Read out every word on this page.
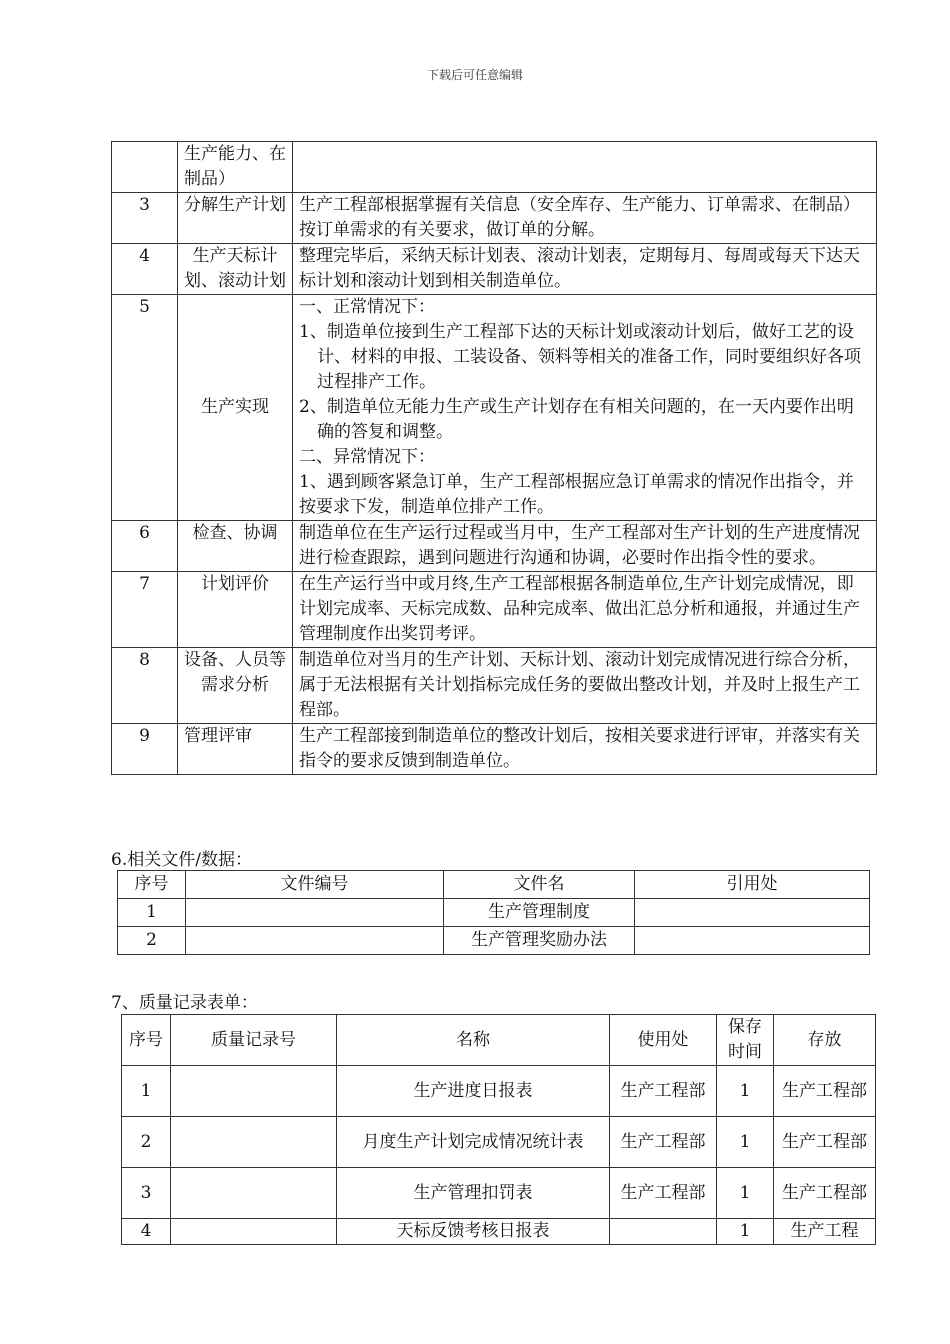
下载后可任意编辑
	生产能力、在制品）	
3	分解生产计划	生产工程部根据掌握有关信息（安全库存、生产能力、订单需求、在制品）按订单需求的有关要求，做订单的分解。

4	生产天标计划、滚动计划	整理完毕后，采纳天标计划表、滚动计划表，定期每月、每周或每天下达天标计划和滚动计划到相关制造单位。

5	生产实现	一、正常情况下：
1、制造单位接到生产工程部下达的天标计划或滚动计划后，做好工艺的设计、材料的申报、工装设备、领料等相关的准备工作，同时要组织好各项过程排产工作。
2、制造单位无能力生产或生产计划存在有相关问题的，在一天内要作出明确的答复和调整。
二、异常情况下：
1、遇到顾客紧急订单，生产工程部根据应急订单需求的情况作出指令，并按要求下发，制造单位排产工作。

6	检查、协调	制造单位在生产运行过程或当月中，生产工程部对生产计划的生产进度情况进行检查跟踪，遇到问题进行沟通和协调，必要时作出指令性的要求。

7	计划评价	在生产运行当中或月终,生产工程部根据各制造单位,生产计划完成情况，即计划完成率、天标完成数、品种完成率、做出汇总分析和通报，并通过生产管理制度作出奖罚考评。

8	设备、人员等需求分析	制造单位对当月的生产计划、天标计划、滚动计划完成情况进行综合分析，属于无法根据有关计划指标完成任务的要做出整改计划，并及时上报生产工程部。

9	管理评审	生产工程部接到制造单位的整改计划后，按相关要求进行评审，并落实有关指令的要求反馈到制造单位。
6.相关文件/数据：
序号	文件编号	文件名	引用处
1		生产管理制度	
2		生产管理奖励办法	
7、质量记录表单：
序号	质量记录号	名称	使用处	保存时间	存放
1		生产进度日报表	生产工程部	1	生产工程部
2		月度生产计划完成情况统计表	生产工程部	1	生产工程部
3		生产管理扣罚表	生产工程部	1	生产工程部
4		天标反馈考核日报表		1	生产工程
